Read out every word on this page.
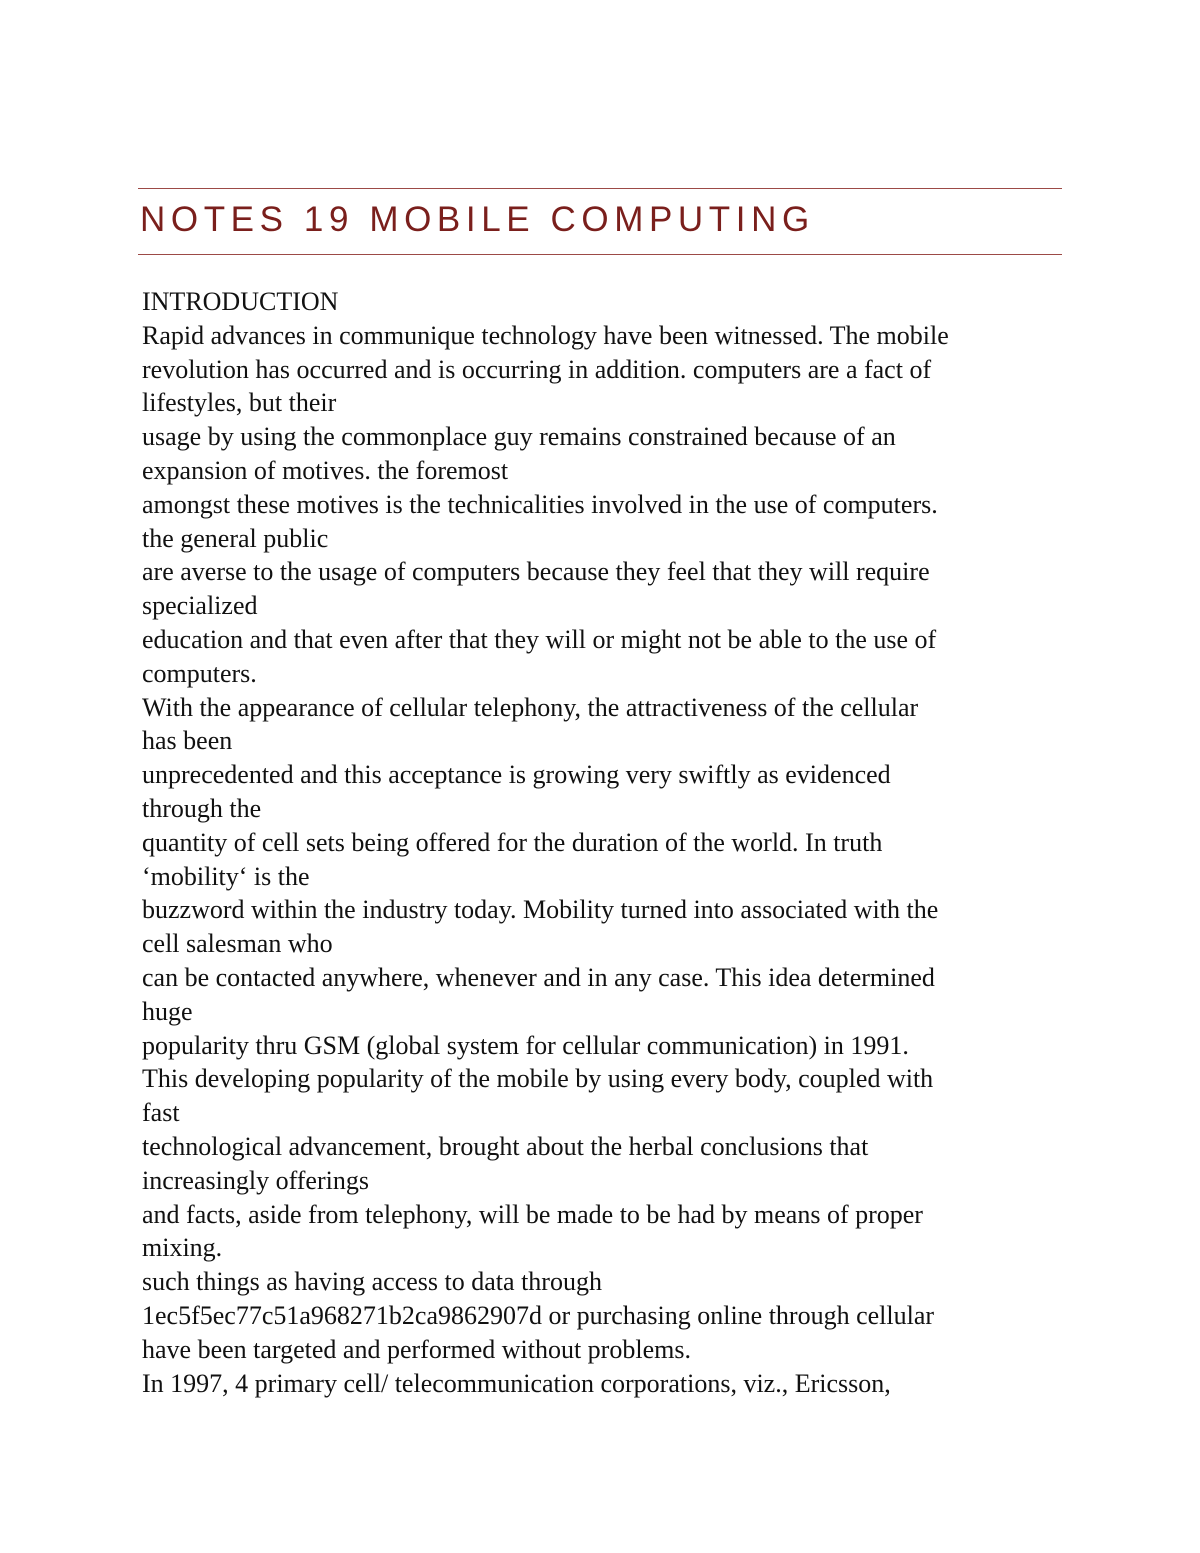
NOTES 19 MOBILE COMPUTING
INTRODUCTION
Rapid advances in communique technology have been witnessed. The mobile
revolution has occurred and is occurring in addition. computers are a fact of
lifestyles, but their
usage by using the commonplace guy remains constrained because of an
expansion of motives. the foremost
amongst these motives is the technicalities involved in the use of computers.
the general public
are averse to the usage of computers because they feel that they will require
specialized
education and that even after that they will or might not be able to the use of
computers.
With the appearance of cellular telephony, the attractiveness of the cellular
has been
unprecedented and this acceptance is growing very swiftly as evidenced
through the
quantity of cell sets being offered for the duration of the world. In truth
‘mobility‘ is the
buzzword within the industry today. Mobility turned into associated with the
cell salesman who
can be contacted anywhere, whenever and in any case. This idea determined
huge
popularity thru GSM (global system for cellular communication) in 1991.
This developing popularity of the mobile by using every body, coupled with
fast
technological advancement, brought about the herbal conclusions that
increasingly offerings
and facts, aside from telephony, will be made to be had by means of proper
mixing.
such things as having access to data through
1ec5f5ec77c51a968271b2ca9862907d or purchasing online through cellular
have been targeted and performed without problems.
In 1997, 4 primary cell/ telecommunication corporations, viz., Ericsson,
